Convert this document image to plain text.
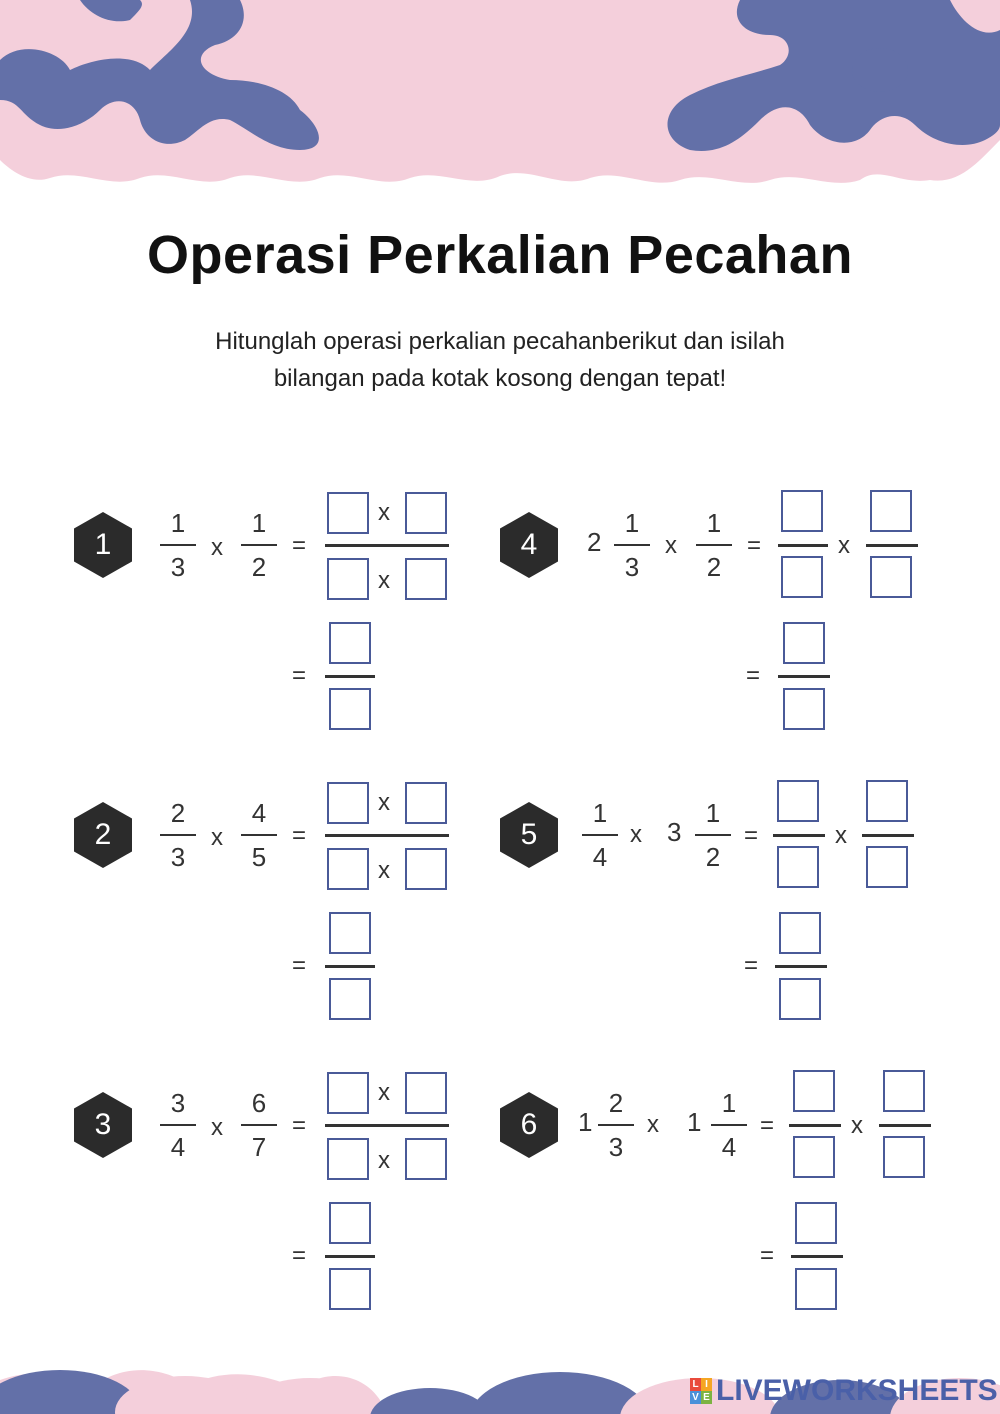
Operasi Perkalian Pecahan
Hitunglah operasi perkalian pecahanberikut dan isilah
bilangan pada kotak kosong dengan tepat!
1
1
3
x
1
2
=
x
x
=
2
2
3
x
4
5
=
x
x
=
3
3
4
x
6
7
=
x
x
=
4	2
1
3
x
1
2
=	x
=
5
1
4
x 3
1
2
=	x
=
6	1
2
3
x 1
1
4
=	x
=
L I
V E LIVEWORKSHEETS
